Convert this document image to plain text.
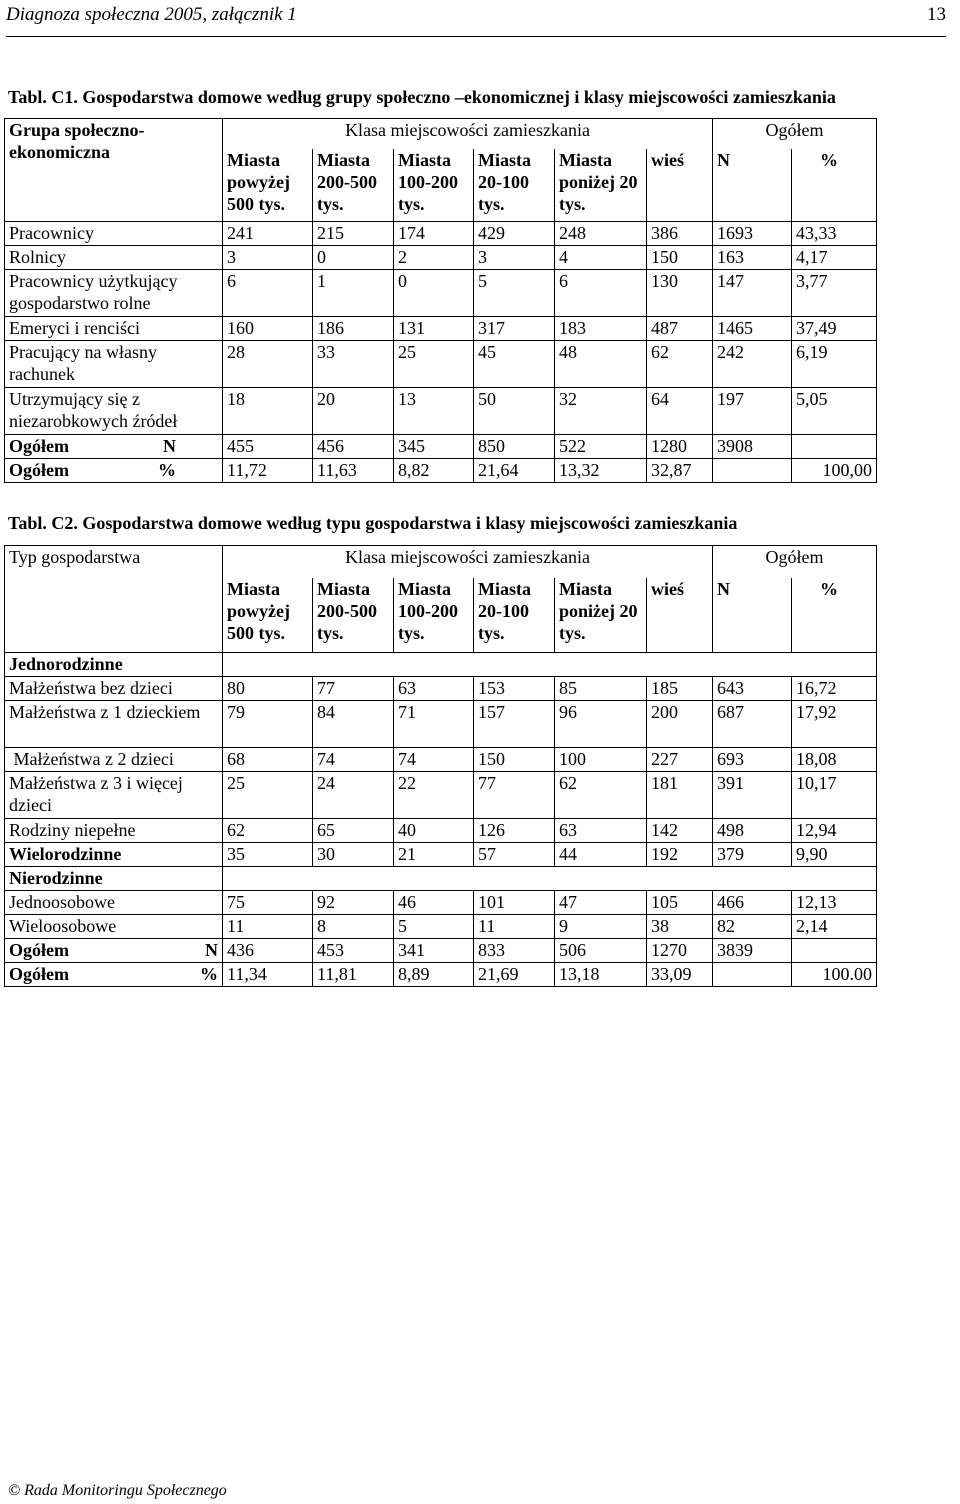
Diagnoza społeczna 2005, załącznik 1	13
Tabl. C1. Gospodarstwa domowe według grupy społeczno –ekonomicznej i klasy miejscowości zamieszkania
Grupa społeczno-ekonomiczna	Klasa miejscowości zamieszkania						Ogółem	
	Miasta powyżej 500 tys.	Miasta 200-500 tys.	Miasta 100-200 tys.	Miasta 20-100 tys.	Miasta poniżej 20 tys.	wieś	N	%
Pracownicy	241	215	174	429	248	386	1693	43,33
Rolnicy	3	0	2	3	4	150	163	4,17
Pracownicy użytkujący gospodarstwo rolne	6	1	0	5	6	130	147	3,77
Emeryci i renciści	160	186	131	317	183	487	1465	37,49
Pracujący na własny rachunek	28	33	25	45	48	62	242	6,19
Utrzymujący się z niezarobkowych źródeł	18	20	13	50	32	64	197	5,05

Ogółem N	455	456	345	850	522	1280	3908	

Ogółem %	11,72	11,63	8,82	21,64	13,32	32,87		100,00
Tabl. C2. Gospodarstwa domowe według typu gospodarstwa i klasy miejscowości zamieszkania
Typ gospodarstwa	Klasa miejscowości zamieszkania						Ogółem	
	Miasta powyżej 500 tys.	Miasta 200-500 tys.	Miasta 100-200 tys.	Miasta 20-100 tys.	Miasta poniżej 20 tys.	wieś	N	%
Jednorodzinne								
Małżeństwa bez dzieci	80	77	63	153	85	185	643	16,72
Małżeństwa z 1 dzieckiem	79	84	71	157	96	200	687	17,92
Małżeństwa z 2 dzieci	68	74	74	150	100	227	693	18,08
Małżeństwa z 3 i więcej dzieci	25	24	22	77	62	181	391	10,17
Rodziny niepełne	62	65	40	126	63	142	498	12,94
Wielorodzinne	35	30	21	57	44	192	379	9,90
Nierodzinne								
Jednoosobowe	75	92	46	101	47	105	466	12,13
Wieloosobowe	11	8	5	11	9	38	82	2,14

Ogółem N	436	453	341	833	506	1270	3839	

Ogółem %	11,34	11,81	8,89	21,69	13,18	33,09		100.00
© Rada Monitoringu Społecznego
